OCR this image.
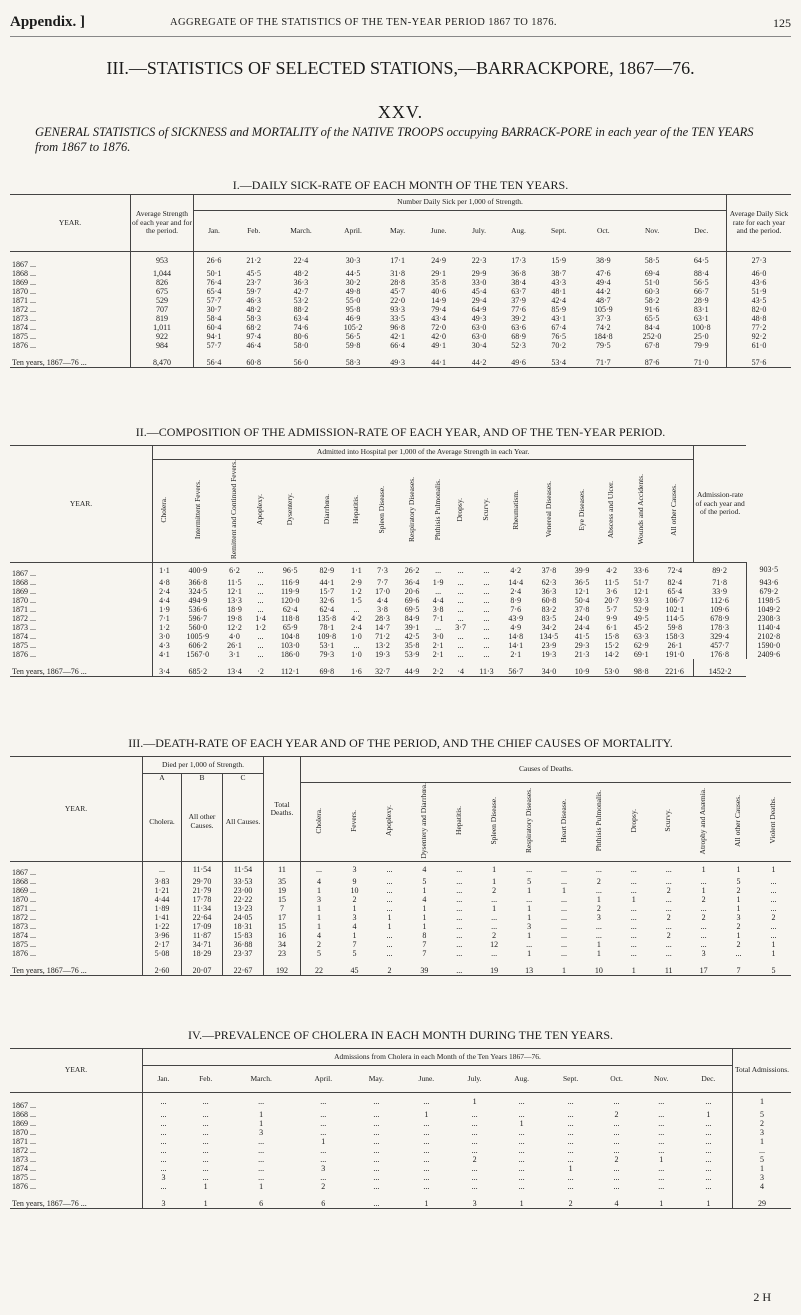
Appendix. ]	AGGREGATE OF THE STATISTICS OF THE TEN-YEAR PERIOD 1867 TO 1876.	125
III.—STATISTICS OF SELECTED STATIONS,—BARRACKPORE, 1867—76.
XXV.
GENERAL STATISTICS of SICKNESS and MORTALITY of the NATIVE TROOPS occupying BARRACK-PORE in each year of the TEN YEARS from 1867 to 1876.
I.—DAILY SICK-RATE OF EACH MONTH OF THE TEN YEARS.
YEAR.	Average Strength of each year and for the period.	Number Daily Sick per 1,000 of Strength.												Average Daily Sick rate for each year and the period.
		Jan.	Feb.	March.	April.	May.	June.	July.	Aug.	Sept.	Oct.	Nov.	Dec.	
1867 ...	953	26·6	21·2	22·4	30·3	17·1	24·9	22·3	17·3	15·9	38·9	58·5	64·5	27·3
1868 ...	1,044	50·1	45·5	48·2	44·5	31·8	29·1	29·9	36·8	38·7	47·6	69·4	88·4	46·0
1869 ...	826	76·4	23·7	36·3	30·2	28·8	35·8	33·0	38·4	43·3	49·4	51·0	56·5	43·6
1870 ...	675	65·4	59·7	42·7	49·8	45·7	40·6	45·4	63·7	48·1	44·2	60·3	66·7	51·9
1871 ...	529	57·7	46·3	53·2	55·0	22·0	14·9	29·4	37·9	42·4	48·7	58·2	28·9	43·5
1872 ...	707	30·7	48·2	88·2	95·8	93·3	79·4	64·9	77·6	85·9	105·9	91·6	83·1	82·0
1873 ...	819	58·4	58·3	63·4	46·9	33·5	43·4	49·3	39·2	43·1	37·3	65·5	63·1	48·8
1874 ...	1,011	60·4	68·2	74·6	105·2	96·8	72·0	63·0	63·6	67·4	74·2	84·4	100·8	77·2
1875 ...	922	94·1	97·4	80·6	56·5	42·1	42·0	63·0	68·9	76·5	184·8	252·0	25·0	92·2
1876 ...	984	57·7	46·4	58·0	59·8	66·4	49·1	30·4	52·3	70·2	79·5	67·8	79·9	61·0
Ten years, 1867—76 ...	8,470	56·4	60·8	56·0	58·3	49·3	44·1	44·2	49·6	53·4	71·7	87·6	71·0	57·6
II.—COMPOSITION OF THE ADMISSION-RATE OF EACH YEAR, AND OF THE TEN-YEAR PERIOD.
YEAR.	Admitted into Hospital per 1,000 of the Average Strength in each Year.																		Admission-rate of each year and of the period.	
	Cholera.	Intermittent Fevers.	Remittent and Continued Fevers.	Apoplexy.	Dysentery.	Diarrhœa.	Hepatitis.	Spleen Disease.	Respiratory Diseases.	Phthisis Pulmonalis.	Dropsy.	Scurvy.	Rheumatism.	Venereal Diseases.	Eye Diseases.	Abscess and Ulcer.	Wounds and Accidents.	All other Causes.		
1867 ...	1·1	400·9	6·2	...	96·5	82·9	1·1	7·3	26·2	...	...	...	4·2	37·8	39·9	4·2	33·6	72·4	89·2	903·5
1868 ...	4·8	366·8	11·5	...	116·9	44·1	2·9	7·7	36·4	1·9	...	...	14·4	62·3	36·5	11·5	51·7	82·4	71·8	943·6
1869 ...	2·4	324·5	12·1	...	119·9	15·7	1·2	17·0	20·6	...	...	...	2·4	36·3	12·1	3·6	12·1	65·4	33·9	679·2
1870 ...	4·4	494·9	13·3	...	120·0	32·6	1·5	4·4	69·6	4·4	...	...	8·9	60·8	50·4	20·7	93·3	106·7	112·6	1198·5
1871 ...	1·9	536·6	18·9	...	62·4	62·4	...	3·8	69·5	3·8	...	...	7·6	83·2	37·8	5·7	52·9	102·1	109·6	1049·2
1872 ...	7·1	596·7	19·8	1·4	118·8	135·8	4·2	28·3	84·9	7·1	...	...	43·9	83·5	24·0	9·9	49·5	114·5	678·9	2308·3
1873 ...	1·2	560·0	12·2	1·2	65·9	78·1	2·4	14·7	39·1	...	3·7	...	4·9	34·2	24·4	6·1	45·2	59·8	178·3	1140·4
1874 ...	3·0	1005·9	4·0	...	104·8	109·8	1·0	71·2	42·5	3·0	...	...	14·8	134·5	41·5	15·8	63·3	158·3	329·4	2102·8
1875 ...	4·3	606·2	26·1	...	103·0	53·1	...	13·2	35·8	2·1	...	...	14·1	23·9	29·3	15·2	62·9	26·1	457·7	1590·0
1876 ...	4·1	1567·0	3·1	...	186·0	79·3	1·0	19·3	53·9	2·1	...	...	2·1	19·3	21·3	14·2	69·1	191·0	176·8	2409·6
Ten years, 1867—76 ...	3·4	685·2	13·4	·2	112·1	69·8	1·6	32·7	44·9	2·2	·4	11·3	56·7	34·0	10·9	53·0	98·8	221·6	1452·2	
III.—DEATH-RATE OF EACH YEAR AND OF THE PERIOD, AND THE CHIEF CAUSES OF MORTALITY.
YEAR.	Died per 1,000 of Strength.			Total Deaths.	Causes of Deaths.													
	A	B	C															
	Cholera.	All other Causes.	All Causes.		Cholera.	Fevers.	Apoplexy.	Dysentery and Diarrhœa.	Hepatitis.	Spleen Disease.	Respiratory Diseases.	Heart Disease.	Phthisis Pulmonalis.	Dropsy.	Scurvy.	Atrophy and Anæmia.	All other Causes.	Violent Deaths.
1867 ...	...	11·54	11·54	11	...	3	...	4	...	1	...	...	...	...	...	1	1	1
1868 ...	3·83	29·70	33·53	35	4	9	...	5	...	1	5	...	2	...	...	...	5	...
1869 ...	1·21	21·79	23·00	19	1	10	...	1	...	2	1	1	...	...	2	1	2	...
1870 ...	4·44	17·78	22·22	15	3	2	...	4	...	...	...	...	1	1	...	2	1	...
1871 ...	1·89	11·34	13·23	7	1	1	...	1	...	1	1	...	2	...	...	...	1	...
1872 ...	1·41	22·64	24·05	17	1	3	1	1	...	...	1	...	3	...	2	2	3	2
1873 ...	1·22	17·09	18·31	15	1	4	1	1	...	...	3	...	...	...	...	...	2	...
1874 ...	3·96	11·87	15·83	16	4	1	...	8	...	2	1	...	...	...	2	...	1	...
1875 ...	2·17	34·71	36·88	34	2	7	...	7	...	12	...	...	1	...	...	...	2	1
1876 ...	5·08	18·29	23·37	23	5	5	...	7	...	...	1	...	1	...	...	3	...	1
Ten years, 1867—76 ...	2·60	20·07	22·67	192	22	45	2	39	...	19	13	1	10	1	11	17	7	5
IV.—PREVALENCE OF CHOLERA IN EACH MONTH DURING THE TEN YEARS.
YEAR.	Admissions from Cholera in each Month of the Ten Years 1867—76.												Total Admissions.
	Jan.	Feb.	March.	April.	May.	June.	July.	Aug.	Sept.	Oct.	Nov.	Dec.	
1867 ...	...	...	...	...	...	...	1	...	...	...	...	...	1
1868 ...	...	...	1	...	...	1	...	...	...	2	...	1	5
1869 ...	...	...	1	...	...	...	...	1	...	...	...	...	2
1870 ...	...	...	3	...	...	...	...	...	...	...	...	...	3
1871 ...	...	...	...	1	...	...	...	...	...	...	...	...	1
1872 ...	...	...	...	...	...	...	...	...	...	...	...	...	...
1873 ...	...	...	...	...	...	...	2	...	...	2	1	...	5
1874 ...	...	...	...	3	...	...	...	...	1	...	...	...	1
1875 ...	3	...	...	...	...	...	...	...	...	...	...	...	3
1876 ...	...	1	1	2	...	...	...	...	...	...	...	...	4
Ten years, 1867—76 ...	3	1	6	6	...	1	3	1	2	4	1	1	29
2 H
